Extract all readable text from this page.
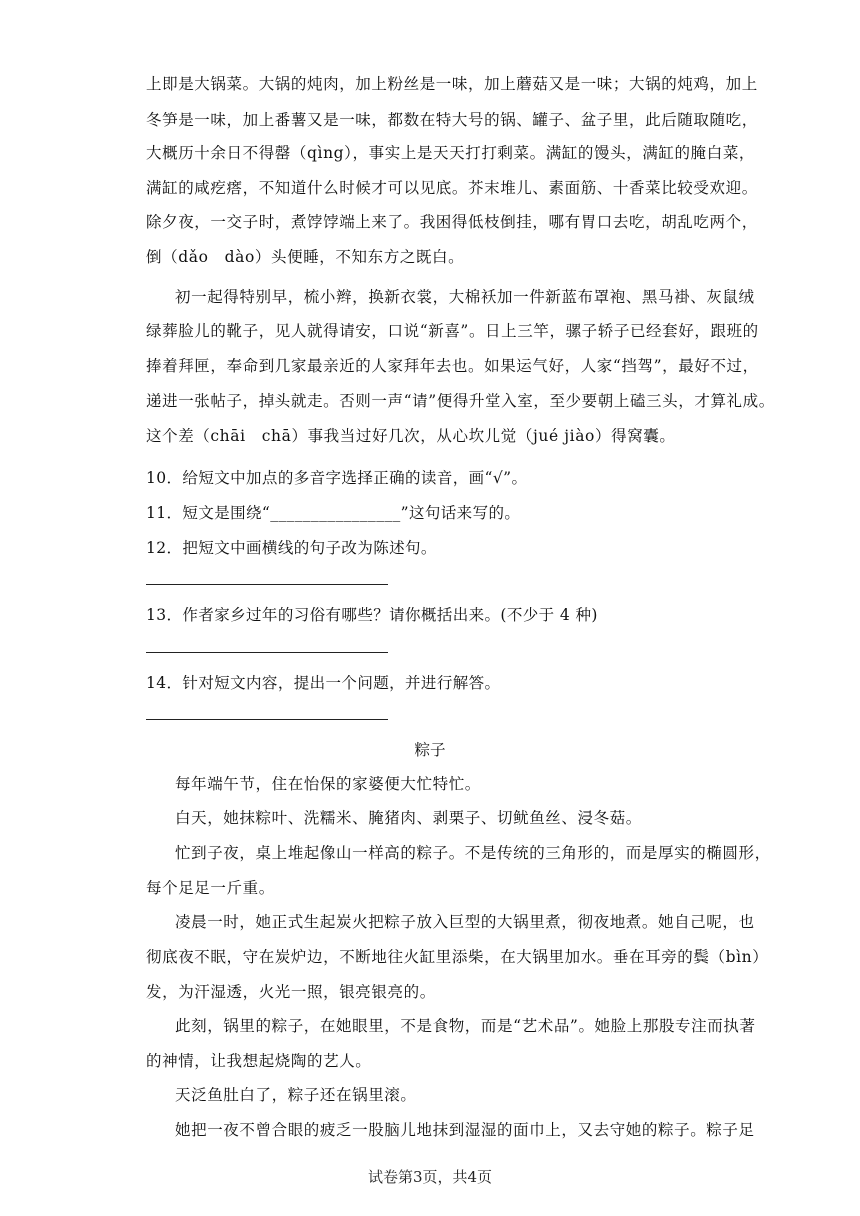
上即是大锅菜。大锅的炖肉，加上粉丝是一味，加上蘑菇又是一味；大锅的炖鸡，加上
冬笋是一味，加上番薯又是一味，都数在特大号的锅、罐子、盆子里，此后随取随吃，
大概历十余日不得罄（qìng），事实上是天天打打剩菜。满缸的馒头，满缸的腌白菜，
满缸的咸疙瘩，不知道什么时候才可以见底。芥末堆儿、素面筋、十香菜比较受欢迎。
除夕夜，一交子时，煮饽饽端上来了。我困得低枝倒挂，哪有胃口去吃，胡乱吃两个，
倒（dǎo　dào）头便睡，不知东方之既白。
初一起得特别早，梳小辫，换新衣裳，大棉袄加一件新蓝布罩袍、黑马褂、灰鼠绒
绿葬脸儿的靴子，见人就得请安，口说“新喜”。日上三竿，骡子轿子已经套好，跟班的
捧着拜匣，奉命到几家最亲近的人家拜年去也。如果运气好，人家“挡驾”，最好不过，
递进一张帖子，掉头就走。否则一声“请”便得升堂入室，至少要朝上磕三头，才算礼成。
这个差（chāi　chā）事我当过好几次，从心坎儿觉（jué jiào）得窝囊。
10．给短文中加点的多音字选择正确的读音，画“√”。
11．短文是围绕“________________”这句话来写的。
12．把短文中画横线的句子改为陈述句。
13．作者家乡过年的习俗有哪些？请你概括出来。(不少于 4 种)
14．针对短文内容，提出一个问题，并进行解答。
粽子
每年端午节，住在怡保的家婆便大忙特忙。
白天，她抹粽叶、洗糯米、腌猪肉、剥栗子、切鱿鱼丝、浸冬菇。
忙到子夜，桌上堆起像山一样高的粽子。不是传统的三角形的，而是厚实的椭圆形，
每个足足一斤重。
凌晨一时，她正式生起炭火把粽子放入巨型的大锅里煮，彻夜地煮。她自己呢，也
彻底夜不眠，守在炭炉边，不断地往火缸里添柴，在大锅里加水。垂在耳旁的鬓（bìn）
发，为汗湿透，火光一照，银亮银亮的。
此刻，锅里的粽子，在她眼里，不是食物，而是“艺术品”。她脸上那股专注而执著
的神情，让我想起烧陶的艺人。
天泛鱼肚白了，粽子还在锅里滚。
她把一夜不曾合眼的疲乏一股脑儿地抹到湿湿的面巾上，又去守她的粽子。粽子足
试卷第3页，共4页
